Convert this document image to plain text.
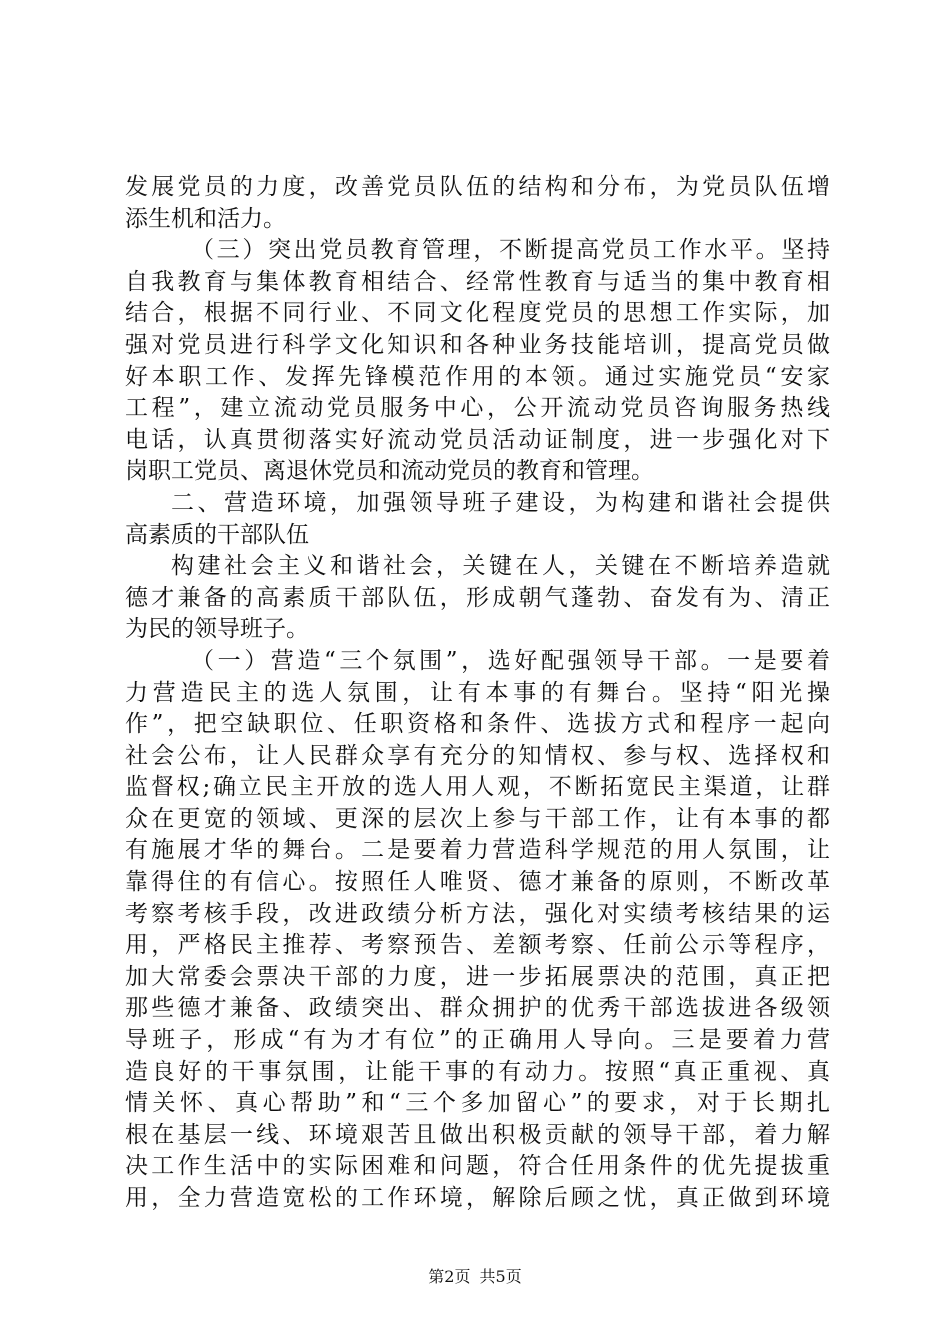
发展党员的力度，改善党员队伍的结构和分布，为党员队伍增
添生机和活力。
（三）突出党员教育管理，不断提高党员工作水平。坚持
自我教育与集体教育相结合、经常性教育与适当的集中教育相
结合，根据不同行业、不同文化程度党员的思想工作实际，加
强对党员进行科学文化知识和各种业务技能培训，提高党员做
好本职工作、发挥先锋模范作用的本领。通过实施党员“安家
工程”，建立流动党员服务中心，公开流动党员咨询服务热线
电话，认真贯彻落实好流动党员活动证制度，进一步强化对下
岗职工党员、离退休党员和流动党员的教育和管理。
二、营造环境，加强领导班子建设，为构建和谐社会提供
高素质的干部队伍
构建社会主义和谐社会，关键在人，关键在不断培养造就
德才兼备的高素质干部队伍，形成朝气蓬勃、奋发有为、清正
为民的领导班子。
（一）营造“三个氛围”，选好配强领导干部。一是要着
力营造民主的选人氛围，让有本事的有舞台。坚持“阳光操
作”，把空缺职位、任职资格和条件、选拔方式和程序一起向
社会公布，让人民群众享有充分的知情权、参与权、选择权和
监督权;确立民主开放的选人用人观，不断拓宽民主渠道，让群
众在更宽的领域、更深的层次上参与干部工作，让有本事的都
有施展才华的舞台。二是要着力营造科学规范的用人氛围，让
靠得住的有信心。按照任人唯贤、德才兼备的原则，不断改革
考察考核手段，改进政绩分析方法，强化对实绩考核结果的运
用，严格民主推荐、考察预告、差额考察、任前公示等程序，
加大常委会票决干部的力度，进一步拓展票决的范围，真正把
那些德才兼备、政绩突出、群众拥护的优秀干部选拔进各级领
导班子，形成“有为才有位”的正确用人导向。三是要着力营
造良好的干事氛围，让能干事的有动力。按照“真正重视、真
情关怀、真心帮助”和“三个多加留心”的要求，对于长期扎
根在基层一线、环境艰苦且做出积极贡献的领导干部，着力解
决工作生活中的实际困难和问题，符合任用条件的优先提拔重
用，全力营造宽松的工作环境，解除后顾之忧，真正做到环境
第2页 共5页
